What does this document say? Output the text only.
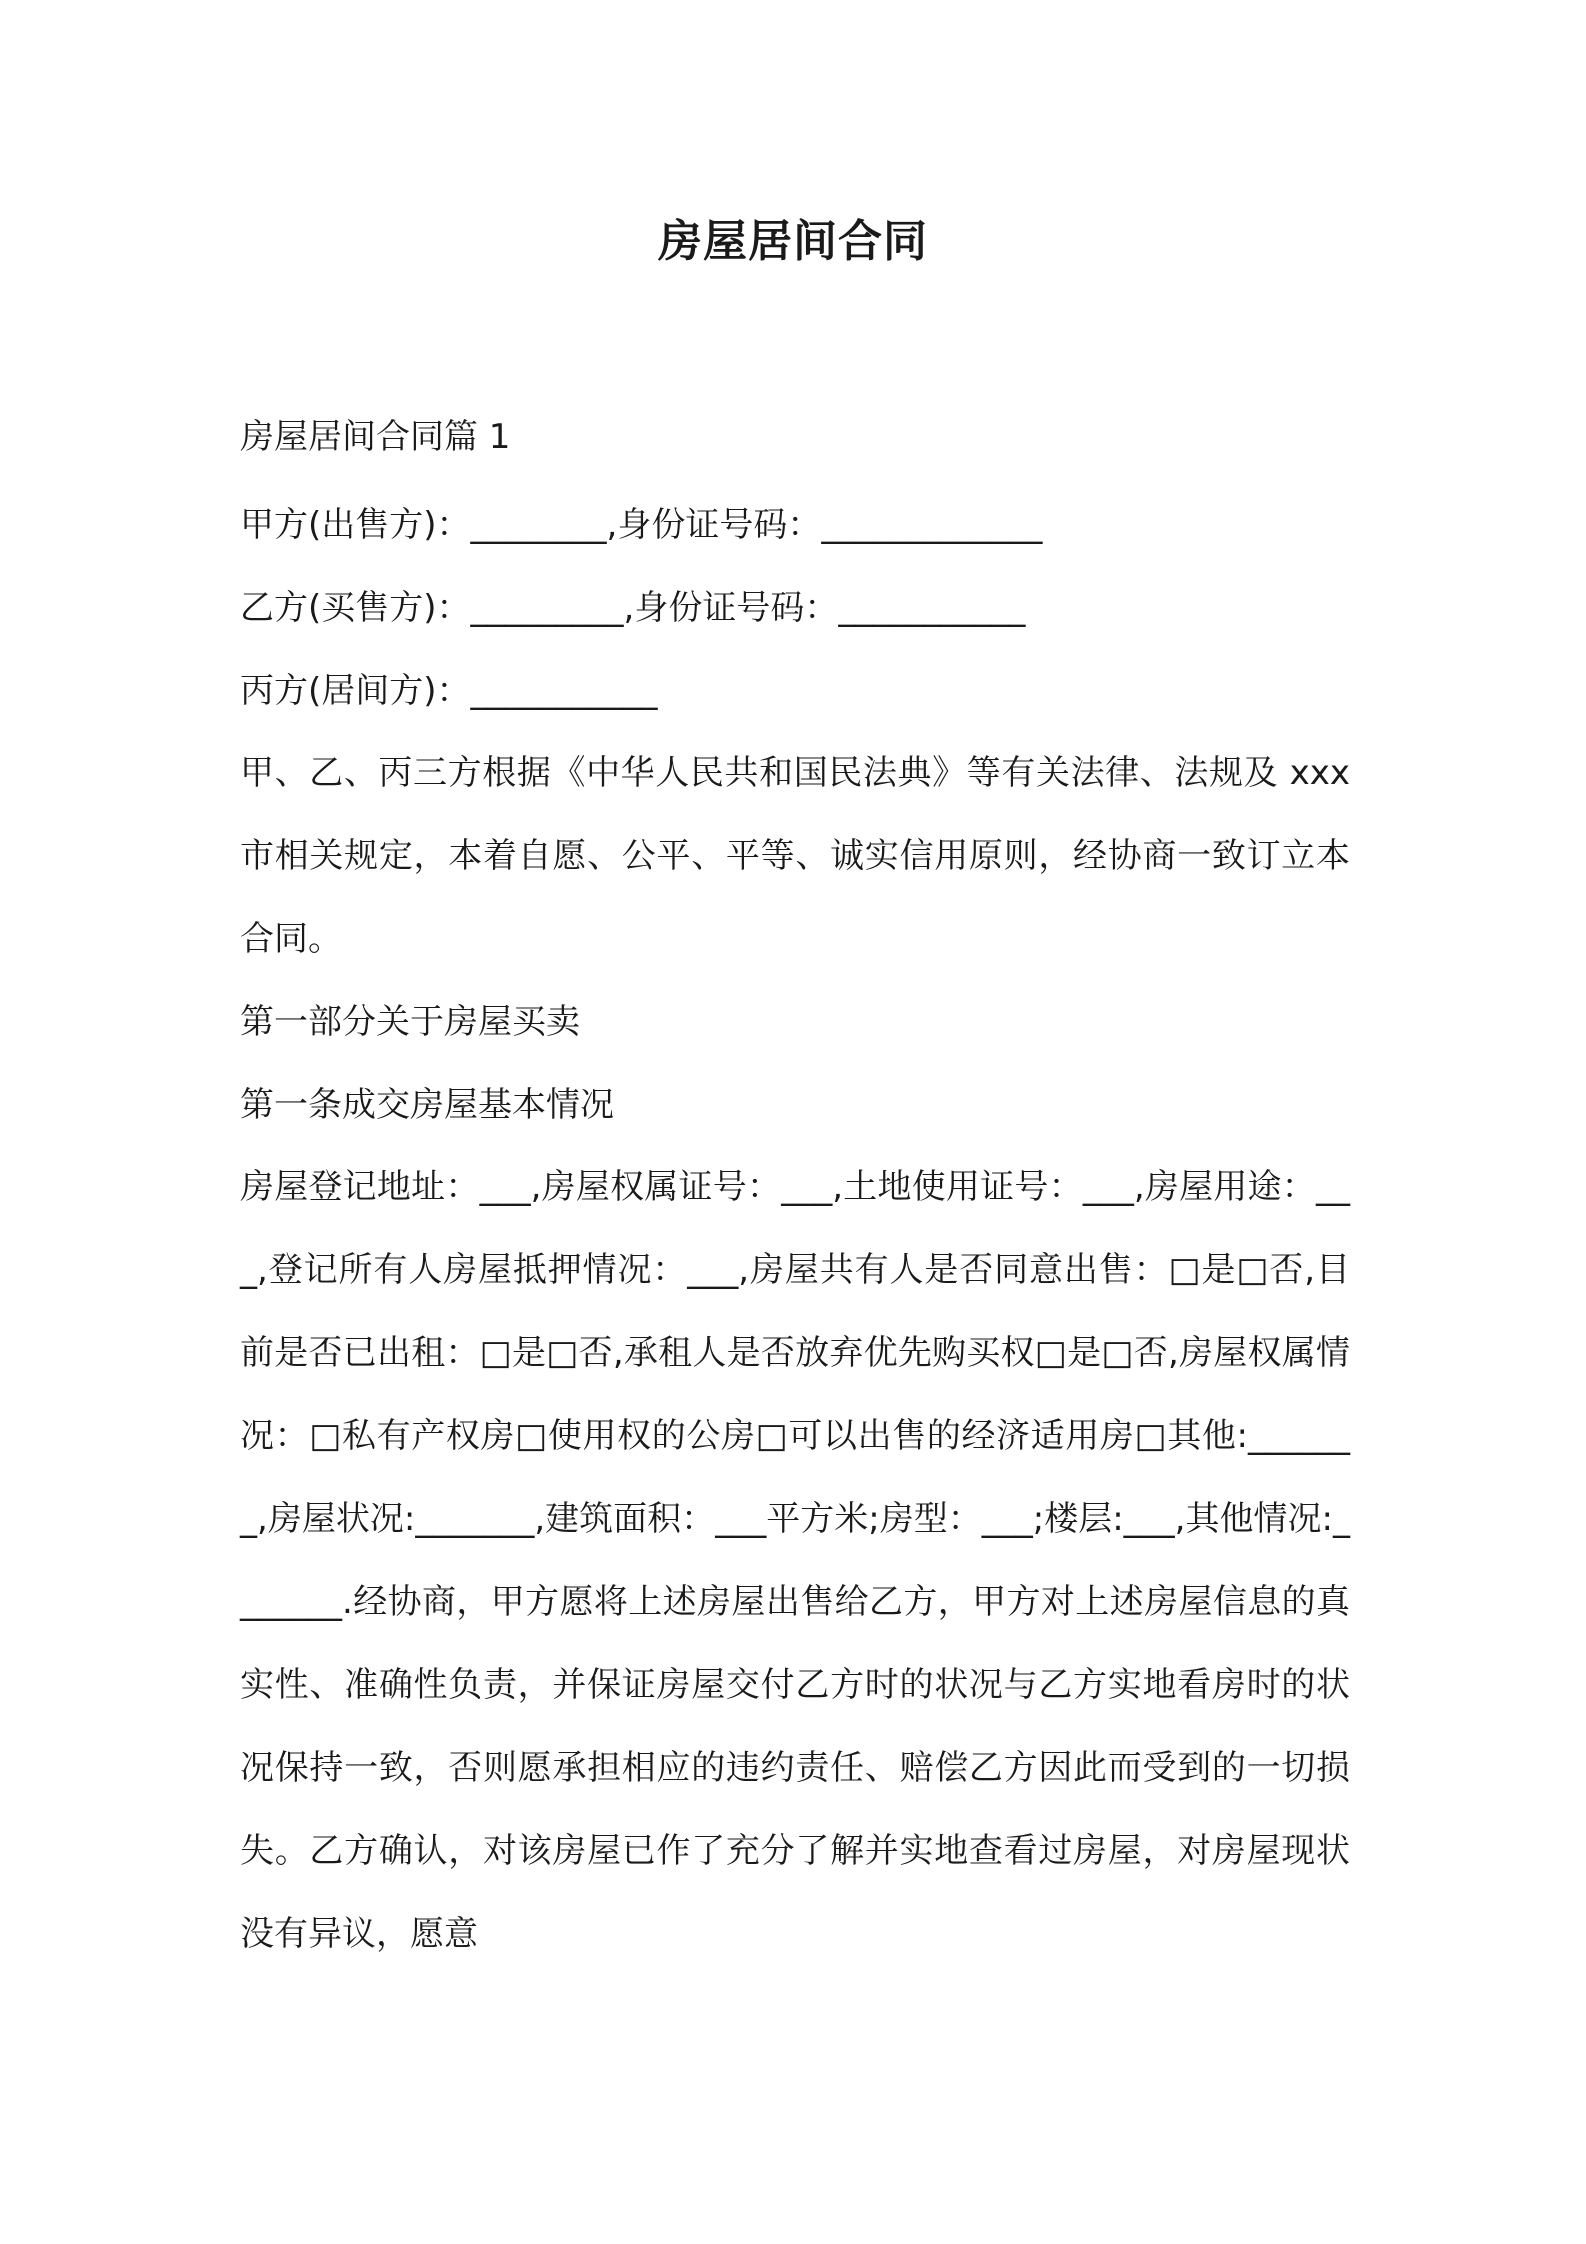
房屋居间合同
房屋居间合同篇 1
甲方(出售方)：________,身份证号码：_____________
乙方(买售方)：_________,身份证号码：___________
丙方(居间方)：___________
甲、乙、丙三方根据《中华人民共和国民法典》等有关法律、法规及 xxx 市相关规定，本着自愿、公平、平等、诚实信用原则，经协商一致订立本合同。
第一部分关于房屋买卖
第一条成交房屋基本情况
房屋登记地址：___,房屋权属证号：___,土地使用证号：___,房屋用途：___,登记所有人房屋抵押情况：___,房屋共有人是否同意出售：□是□否,目前是否已出租：□是□否,承租人是否放弃优先购买权□是□否,房屋权属情况：□私有产权房□使用权的公房□可以出售的经济适用房□其他:_______,房屋状况:_______,建筑面积：___平方米;房型：___;楼层:___,其他情况:_______.经协商，甲方愿将上述房屋出售给乙方，甲方对上述房屋信息的真实性、准确性负责，并保证房屋交付乙方时的状况与乙方实地看房时的状况保持一致，否则愿承担相应的违约责任、赔偿乙方因此而受到的一切损失。乙方确认，对该房屋已作了充分了解并实地查看过房屋，对房屋现状没有异议，愿意
